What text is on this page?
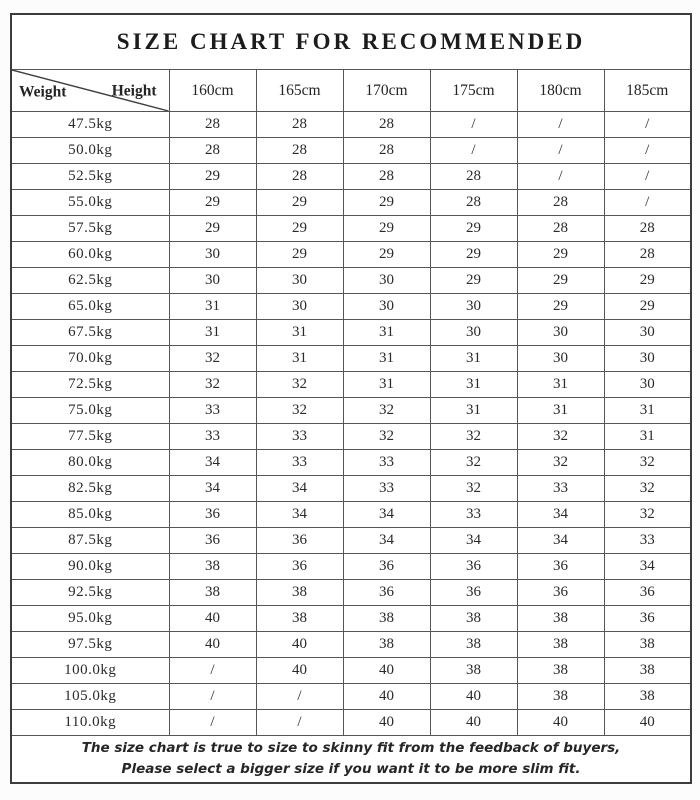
SIZE CHART FOR RECOMMENDED						

Weight Height	160cm	165cm	170cm	175cm	180cm	185cm
47.5kg	28	28	28	/	/	/
50.0kg	28	28	28	/	/	/
52.5kg	29	28	28	28	/	/
55.0kg	29	29	29	28	28	/
57.5kg	29	29	29	29	28	28
60.0kg	30	29	29	29	29	28
62.5kg	30	30	30	29	29	29
65.0kg	31	30	30	30	29	29
67.5kg	31	31	31	30	30	30
70.0kg	32	31	31	31	30	30
72.5kg	32	32	31	31	31	30
75.0kg	33	32	32	31	31	31
77.5kg	33	33	32	32	32	31
80.0kg	34	33	33	32	32	32
82.5kg	34	34	33	32	33	32
85.0kg	36	34	34	33	34	32
87.5kg	36	36	34	34	34	33
90.0kg	38	36	36	36	36	34
92.5kg	38	38	36	36	36	36
95.0kg	40	38	38	38	38	36
97.5kg	40	40	38	38	38	38
100.0kg	/	40	40	38	38	38
105.0kg	/	/	40	40	38	38
110.0kg	/	/	40	40	40	40

The size chart is true to size to skinny fit from the feedback of buyers,
Please select a bigger size if you want it to be more slim fit.						
